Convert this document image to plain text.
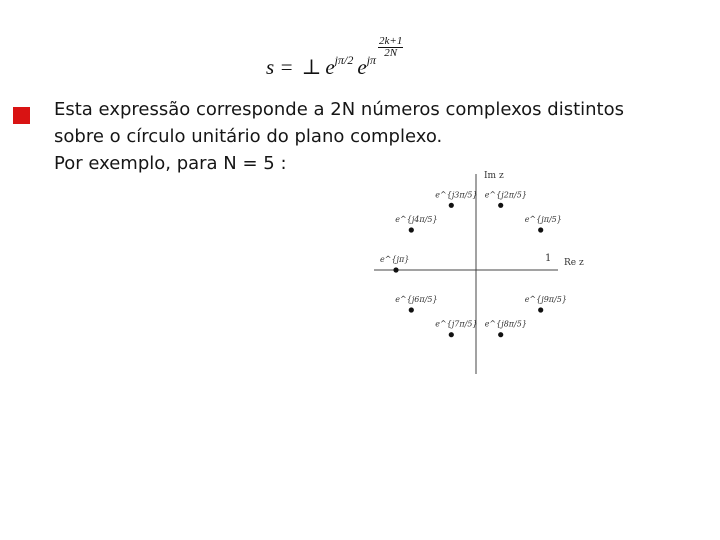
s = ⊥ $e^{j\pi/2}$ $e^{j\pi \frac{2k+1}{2N}}$
Esta expressão corresponde a 2N números complexos distintos
sobre o círculo unitário do plano complexo.
Por exemplo, para N = 5 :
Im z
Re z
1
e^{j3π/5} e^{j2π/5}
e^{j4π/5}	e^{jπ/5}
e^{jπ}
e^{j6π/5}	e^{j9π/5}
e^{j7π/5} e^{j8π/5}
